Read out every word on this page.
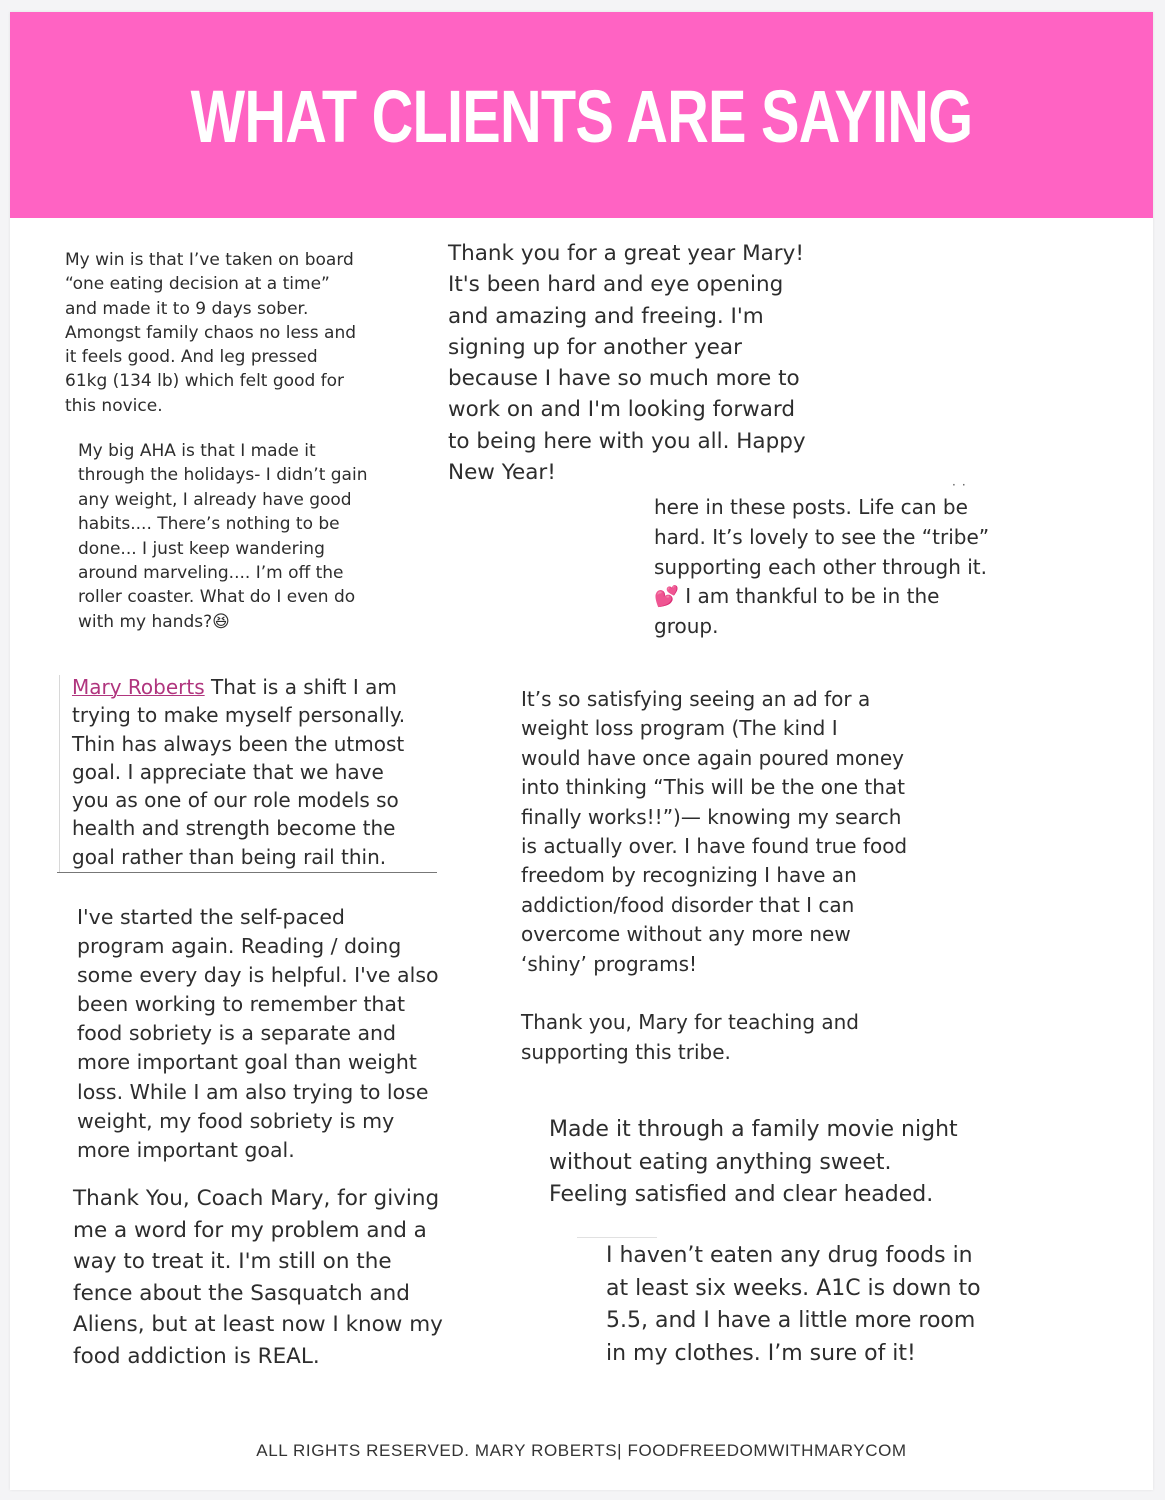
WHAT CLIENTS ARE SAYING

My win is that I’ve taken on board
“one eating decision at a time”
and made it to 9 days sober.
Amongst family chaos no less and
it feels good. And leg pressed
61kg (134 lb) which felt good for
this novice.

Thank you for a great year Mary!
It's been hard and eye opening
and amazing and freeing. I'm
signing up for another year
because I have so much more to
work on and I'm looking forward
to being here with you all. Happy
New Year!

My big AHA is that I made it
through the holidays- I didn’t gain
any weight, I already have good
habits.... There’s nothing to be
done... I just keep wandering
around marveling.... I’m off the
roller coaster. What do I even do
with my hands?😆

··

here in these posts. Life can be
hard. It’s lovely to see the “tribe”
supporting each other through it.
💕 I am thankful to be in the
group.

Mary Roberts That is a shift I am
trying to make myself personally.
Thin has always been the utmost
goal. I appreciate that we have
you as one of our role models so
health and strength become the
goal rather than being rail thin.

It’s so satisfying seeing an ad for a
weight loss program (The kind I
would have once again poured money
into thinking “This will be the one that
finally works!!”)— knowing my search
is actually over. I have found true food
freedom by recognizing I have an
addiction/food disorder that I can
overcome without any more new
‘shiny’ programs!

Thank you, Mary for teaching and
supporting this tribe.

I've started the self-paced
program again. Reading / doing
some every day is helpful. I've also
been working to remember that
food sobriety is a separate and
more important goal than weight
loss. While I am also trying to lose
weight, my food sobriety is my
more important goal.

Thank You, Coach Mary, for giving
me a word for my problem and a
way to treat it. I'm still on the
fence about the Sasquatch and
Aliens, but at least now I know my
food addiction is REAL.

Made it through a family movie night
without eating anything sweet.
Feeling satisfied and clear headed.

I haven’t eaten any drug foods in
at least six weeks. A1C is down to
5.5, and I have a little more room
in my clothes. I’m sure of it!

ALL RIGHTS RESERVED. MARY ROBERTS| FOODFREEDOMWITHMARYCOM
